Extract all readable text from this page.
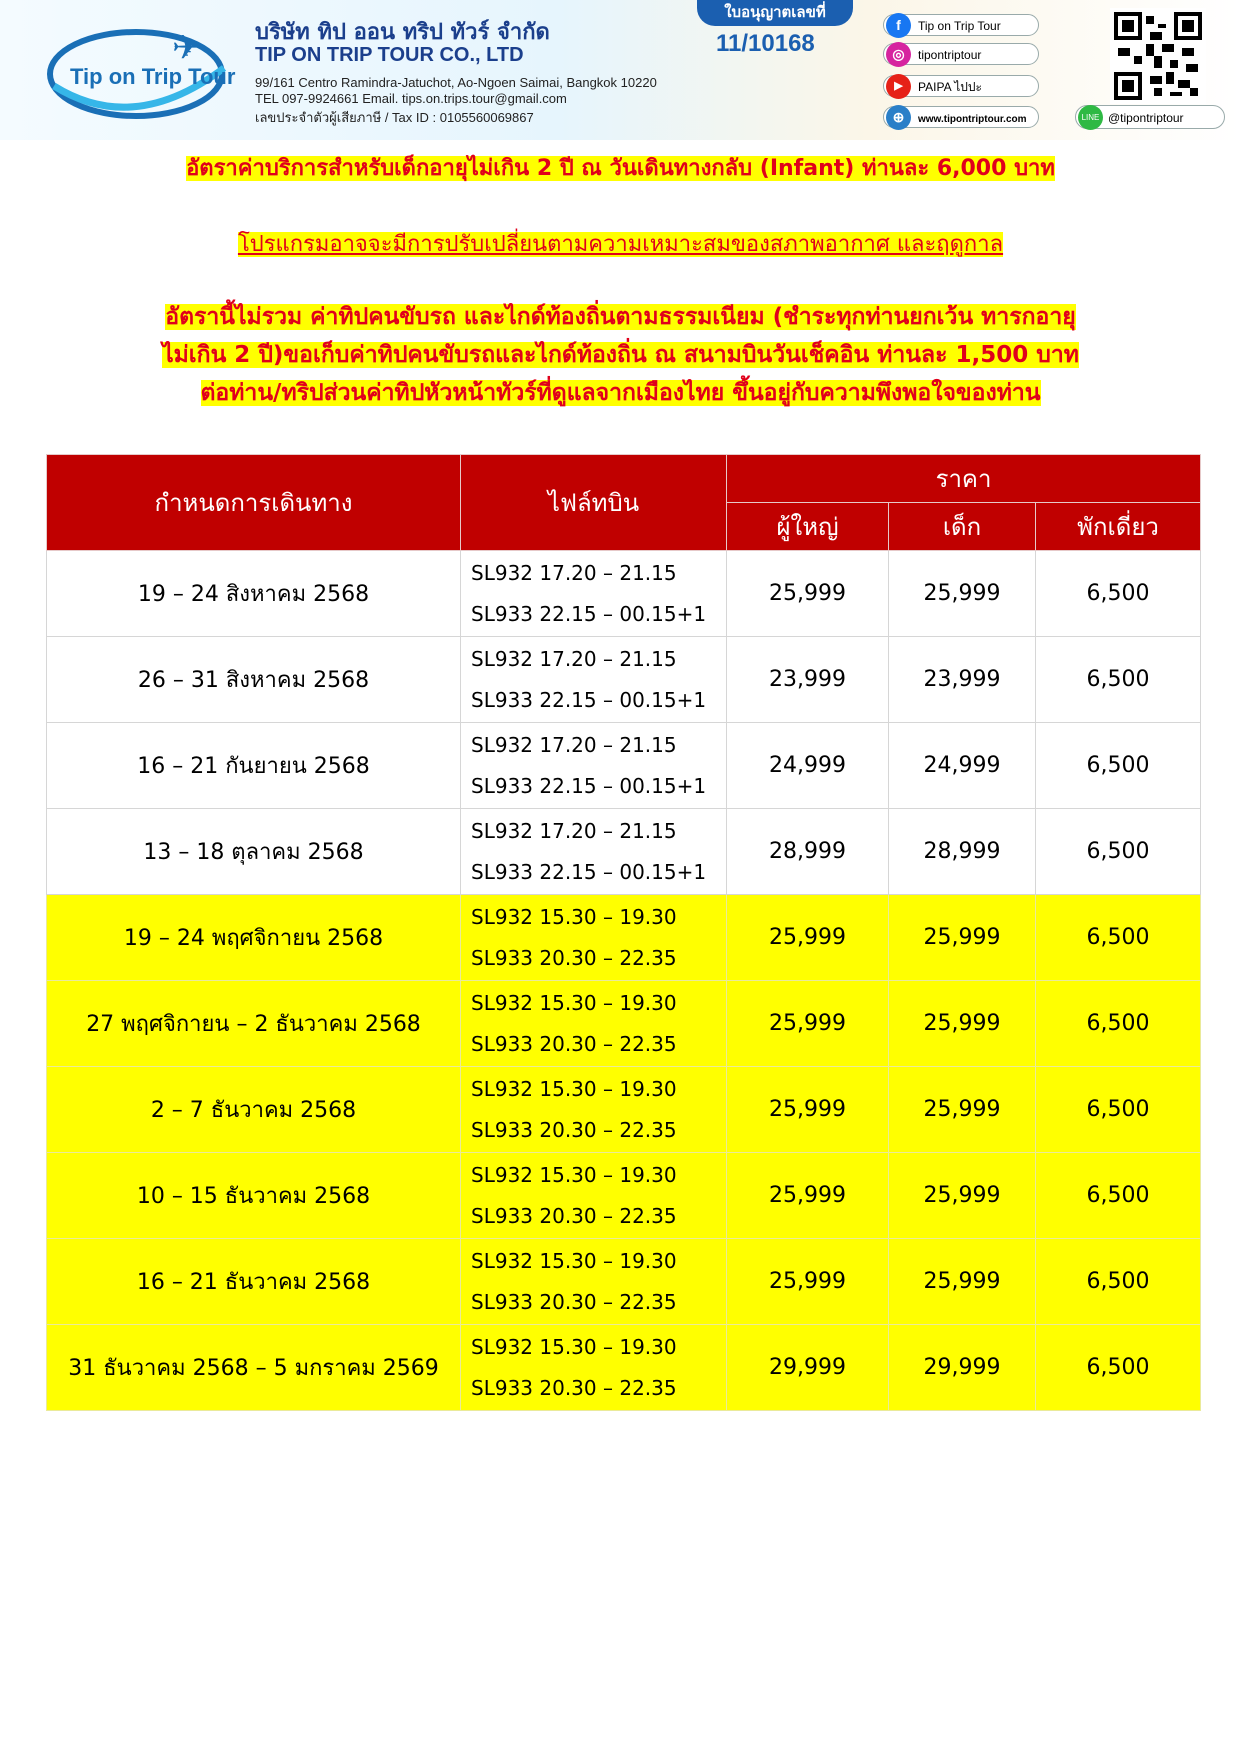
✈
Tip on Trip Tour
บริษัท ทิป ออน ทริป ทัวร์ จำกัด
TIP ON TRIP TOUR CO., LTD
99/161 Centro Ramindra-Jatuchot, Ao-Ngoen Saimai, Bangkok 10220
TEL 097-9924661 Email. tips.on.trips.tour@gmail.com
เลขประจำตัวผู้เสียภาษี / Tax ID : 0105560069867
ใบอนุญาตเลขที่
11/10168
f	Tip on Trip Tour
◎	tipontriptour
▶	PAIPA ไปปะ
⊕	www.tipontriptour.com	LINE @tipontriptour
อัตราค่าบริการสำหรับเด็กอายุไม่เกิน 2 ปี ณ วันเดินทางกลับ (Infant) ท่านละ 6,000 บาท
โปรแกรมอาจจะมีการปรับเปลี่ยนตามความเหมาะสมของสภาพอากาศ และฤดูกาล
อัตรานี้ไม่รวม ค่าทิปคนขับรถ และไกด์ท้องถิ่นตามธรรมเนียม (ชำระทุกท่านยกเว้น ทารกอายุ
ไม่เกิน 2 ปี)ขอเก็บค่าทิปคนขับรถและไกด์ท้องถิ่น ณ สนามบินวันเช็คอิน ท่านละ 1,500 บาท
ต่อท่าน/ทริปส่วนค่าทิปหัวหน้าทัวร์ที่ดูแลจากเมืองไทย ขึ้นอยู่กับความพึงพอใจของท่าน
กำหนดการเดินทาง	ไฟล์ทบิน	ราคา		
		ผู้ใหญ่	เด็ก	พักเดี่ยว
19 – 24 สิงหาคม 2568	SL932 17.20 – 21.15
SL933 22.15 – 00.15+1	25,999	25,999	6,500
26 – 31 สิงหาคม 2568	SL932 17.20 – 21.15
SL933 22.15 – 00.15+1	23,999	23,999	6,500
16 – 21 กันยายน 2568	SL932 17.20 – 21.15
SL933 22.15 – 00.15+1	24,999	24,999	6,500
13 – 18 ตุลาคม 2568	SL932 17.20 – 21.15
SL933 22.15 – 00.15+1	28,999	28,999	6,500
19 – 24 พฤศจิกายน 2568	SL932 15.30 – 19.30
SL933 20.30 – 22.35	25,999	25,999	6,500
27 พฤศจิกายน – 2 ธันวาคม 2568	SL932 15.30 – 19.30
SL933 20.30 – 22.35	25,999	25,999	6,500
2 – 7 ธันวาคม 2568	SL932 15.30 – 19.30
SL933 20.30 – 22.35	25,999	25,999	6,500
10 – 15 ธันวาคม 2568	SL932 15.30 – 19.30
SL933 20.30 – 22.35	25,999	25,999	6,500
16 – 21 ธันวาคม 2568	SL932 15.30 – 19.30
SL933 20.30 – 22.35	25,999	25,999	6,500
31 ธันวาคม 2568 – 5 มกราคม 2569	SL932 15.30 – 19.30
SL933 20.30 – 22.35	29,999	29,999	6,500
